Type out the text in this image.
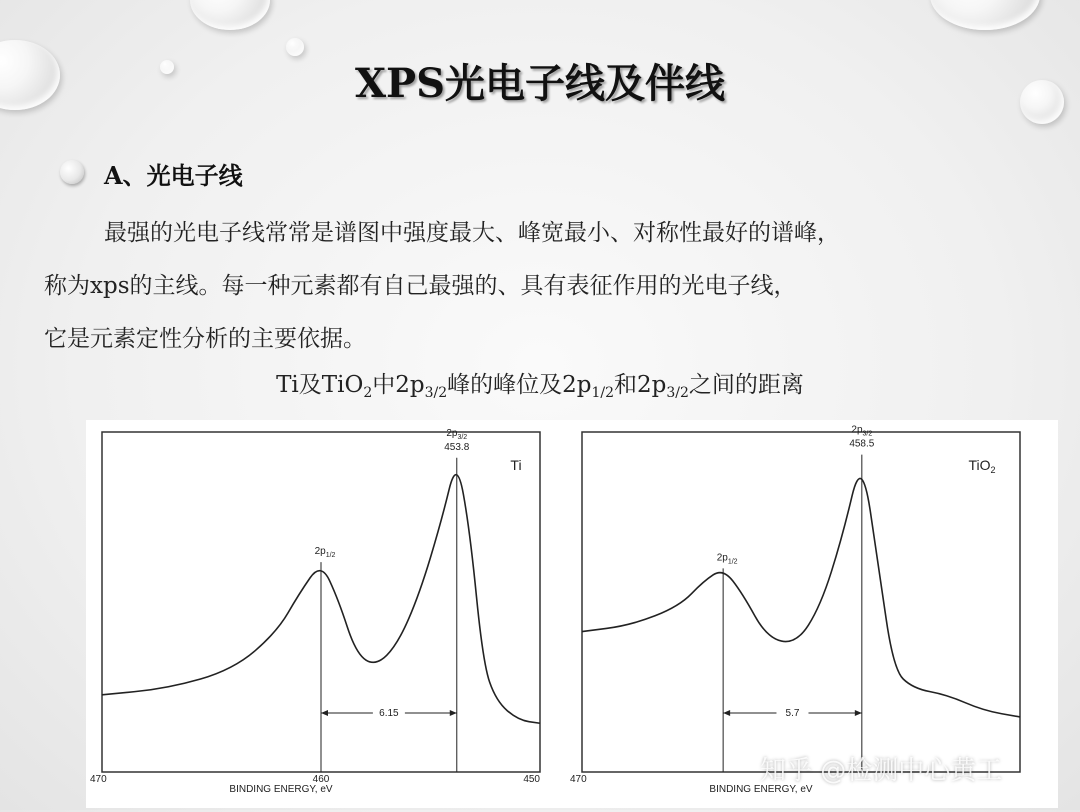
XPS光电子线及伴线
A、光电子线
最强的光电子线常常是谱图中强度最大、峰宽最小、对称性最好的谱峰，
称为xps的主线。每一种元素都有自己最强的、具有表征作用的光电子线，
它是元素定性分析的主要依据。
Ti及TiO$_2$中$2p_{3/2}$峰的峰位及$2p_{1/2}$和$2p_{3/2}$之间的距离
$2p_{1/2}$
$2p_{3/2}$
453.8
6.15
470	460	450
BINDING ENERGY, eV
Ti
$2p_{1/2}$
$2p_{3/2}$
458.5
5.7
470
BINDING ENERGY, eV
TiO$_2$
知乎 @检测中心黄工
